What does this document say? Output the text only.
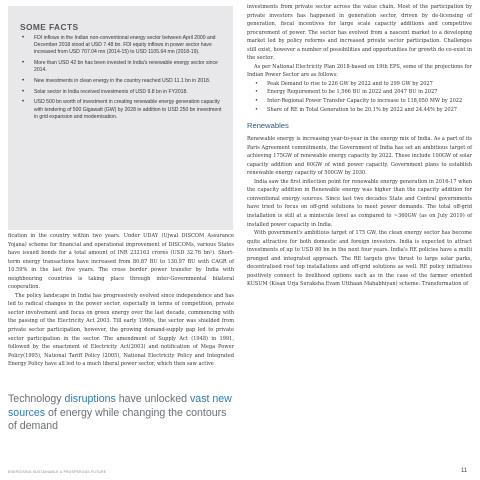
SOME FACTS
• FDI inflows in the Indian non-conventional energy sector between April 2000 and December 2018 stood at USD 7.48 bn. FDI equity inflows in power sector have increased from USD 707.04 mn (2014-15) to USD 1105.64 mn (2018-19).
• More than USD 42 bn has been invested in India's renewable energy sector since 2014.
• New investments in clean energy in the country reached USD 11.1 bn in 2018.
• Solar sector in India received investments of USD 9.8 bn in FY2018.
• USD 500 bn worth of investment in creating renewable energy generation capacity with tendering of 500 Gigawatt (GW) by 2028 in addition to USD 250 bn investment in grid expansion and modernisation.

fication in the country within two years. Under UDAY (Ujwal DISCOM Assurance Yojana) scheme for financial and operational improvement of DISCOMs, various States have issued bonds for a total amount of INR 232163 crores (USD 32.76 bn⁵). Short-term energy transactions have increased from 80.87 BU to 130.97 BU with CAGR of 10.59% in the last five years. The cross border power transfer by India with neighbouring countries is taking place through inter-Governmental bilateral cooperation.

The policy landscape in India has progressively evolved since independence and has led to radical changes in the power sector, especially in terms of competition, private sector involvement and focus on green energy over the last decade, commencing with the passing of the Electricity Act 2003. Till early 1990s, the sector was shielded from private sector participation, however, the growing demand-supply gap led to private sector participation in the sector. The amendment of Supply Act (1948) in 1991, followed by the enactment of Electricity Act(2003) and notification of Mega Power Policy(1995), National Tariff Policy (2005), National Electricity Policy and Integrated Energy Policy have all led to a much liberal power sector, which then saw active

Technology disruptions have unlocked vast new sources of energy while changing the contours of demand

investments from private sector across the value chain. Most of the participation by private investors has happened in generation sector, driven by de-licensing of generation, fiscal incentives for large scale capacity additions and competitive procurement of power. The sector has evolved from a nascent market to a developing market led by policy reforms and increased private sector participation. Challenges still exist, however a number of possibilities and opportunities for growth do co-exist in the sector.

As per National Electricity Plan 2018-based on 19th EPS, some of the projections for Indian Power Sector are as follows:

• Peak Demand to rise to 226 GW by 2022 and to 299 GW by 2027
• Energy Requirement to be 1,566 BU in 2022 and 2047 BU in 2027
• Inter-Regional Power Transfer Capacity to increase to 118,050 MW by 2022
• Share of RE in Total Generation to be 20.1% by 2022 and 24.44% by 2027
Renewables

Renewable energy is increasing year-to-year in the energy mix of India. As a part of its Paris Agreement commitments, the Government of India has set an ambitious target of achieving 175GW of renewable energy capacity by 2022. These include 100GW of solar capacity addition and 60GW of wind power capacity. Government plans to establish renewable energy capacity of 500GW by 2030.

India saw the first inflection point for renewable energy generation in 2016-17 when the capacity addition in Renewable energy was higher than the capacity addition for conventional energy sources. Since last two decades State and Central governments have tried to focus on off-grid solutions to meet power demands. The total off-grid installation is still at a miniscule level as compared to ~360GW (as on July 2019) of installed power capacity in India.

With government's ambitious target of 175 GW, the clean energy sector has become quite attractive for both domestic and foreign investors. India is expected to attract investments of up to USD 80 bn in the next four years. India's RE policies have a multi pronged and integrated approach. The RE targets give thrust to large solar parks, decentralised roof top installations and off-grid solutions as well. RE policy initiatives positively connect to livelihood options such as in the case of the farmer oriented KUSUM (Kisan Urja Suraksha Evam Utthaan Mahabhiyan) scheme. Transformation of

ENERGISING SUSTAINABLE & PROSPEROUS FUTURE	11
